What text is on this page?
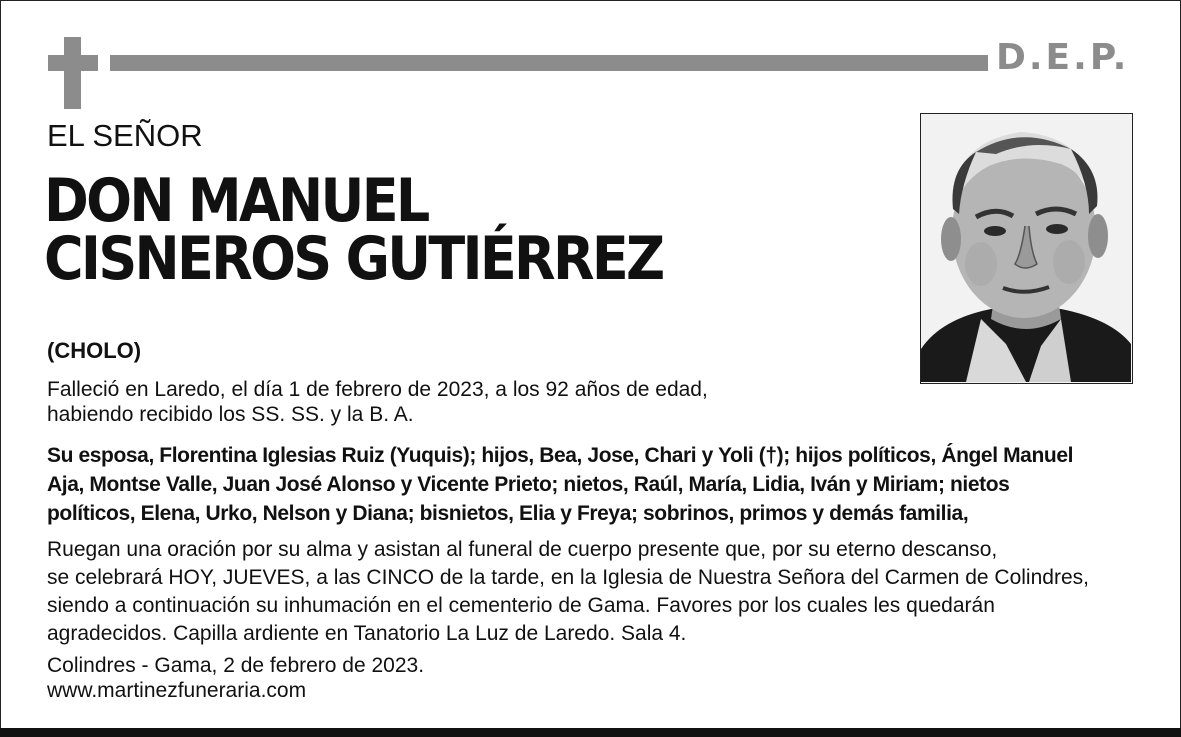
D.E.P.
EL SEÑOR
DON MANUEL
CISNEROS GUTIÉRREZ
(CHOLO)
Falleció en Laredo, el día 1 de febrero de 2023, a los 92 años de edad,
habiendo recibido los SS. SS. y la B. A.
Su esposa, Florentina Iglesias Ruiz (Yuquis); hijos, Bea, Jose, Chari y Yoli (†); hijos políticos, Ángel Manuel
Aja, Montse Valle, Juan José Alonso y Vicente Prieto; nietos, Raúl, María, Lidia, Iván y Miriam; nietos
políticos, Elena, Urko, Nelson y Diana; bisnietos, Elia y Freya; sobrinos, primos y demás familia,
Ruegan una oración por su alma y asistan al funeral de cuerpo presente que, por su eterno descanso,
se celebrará HOY, JUEVES, a las CINCO de la tarde, en la Iglesia de Nuestra Señora del Carmen de Colindres,
siendo a continuación su inhumación en el cementerio de Gama. Favores por los cuales les quedarán
agradecidos. Capilla ardiente en Tanatorio La Luz de Laredo. Sala 4.
Colindres - Gama, 2 de febrero de 2023.
www.martinezfuneraria.com
